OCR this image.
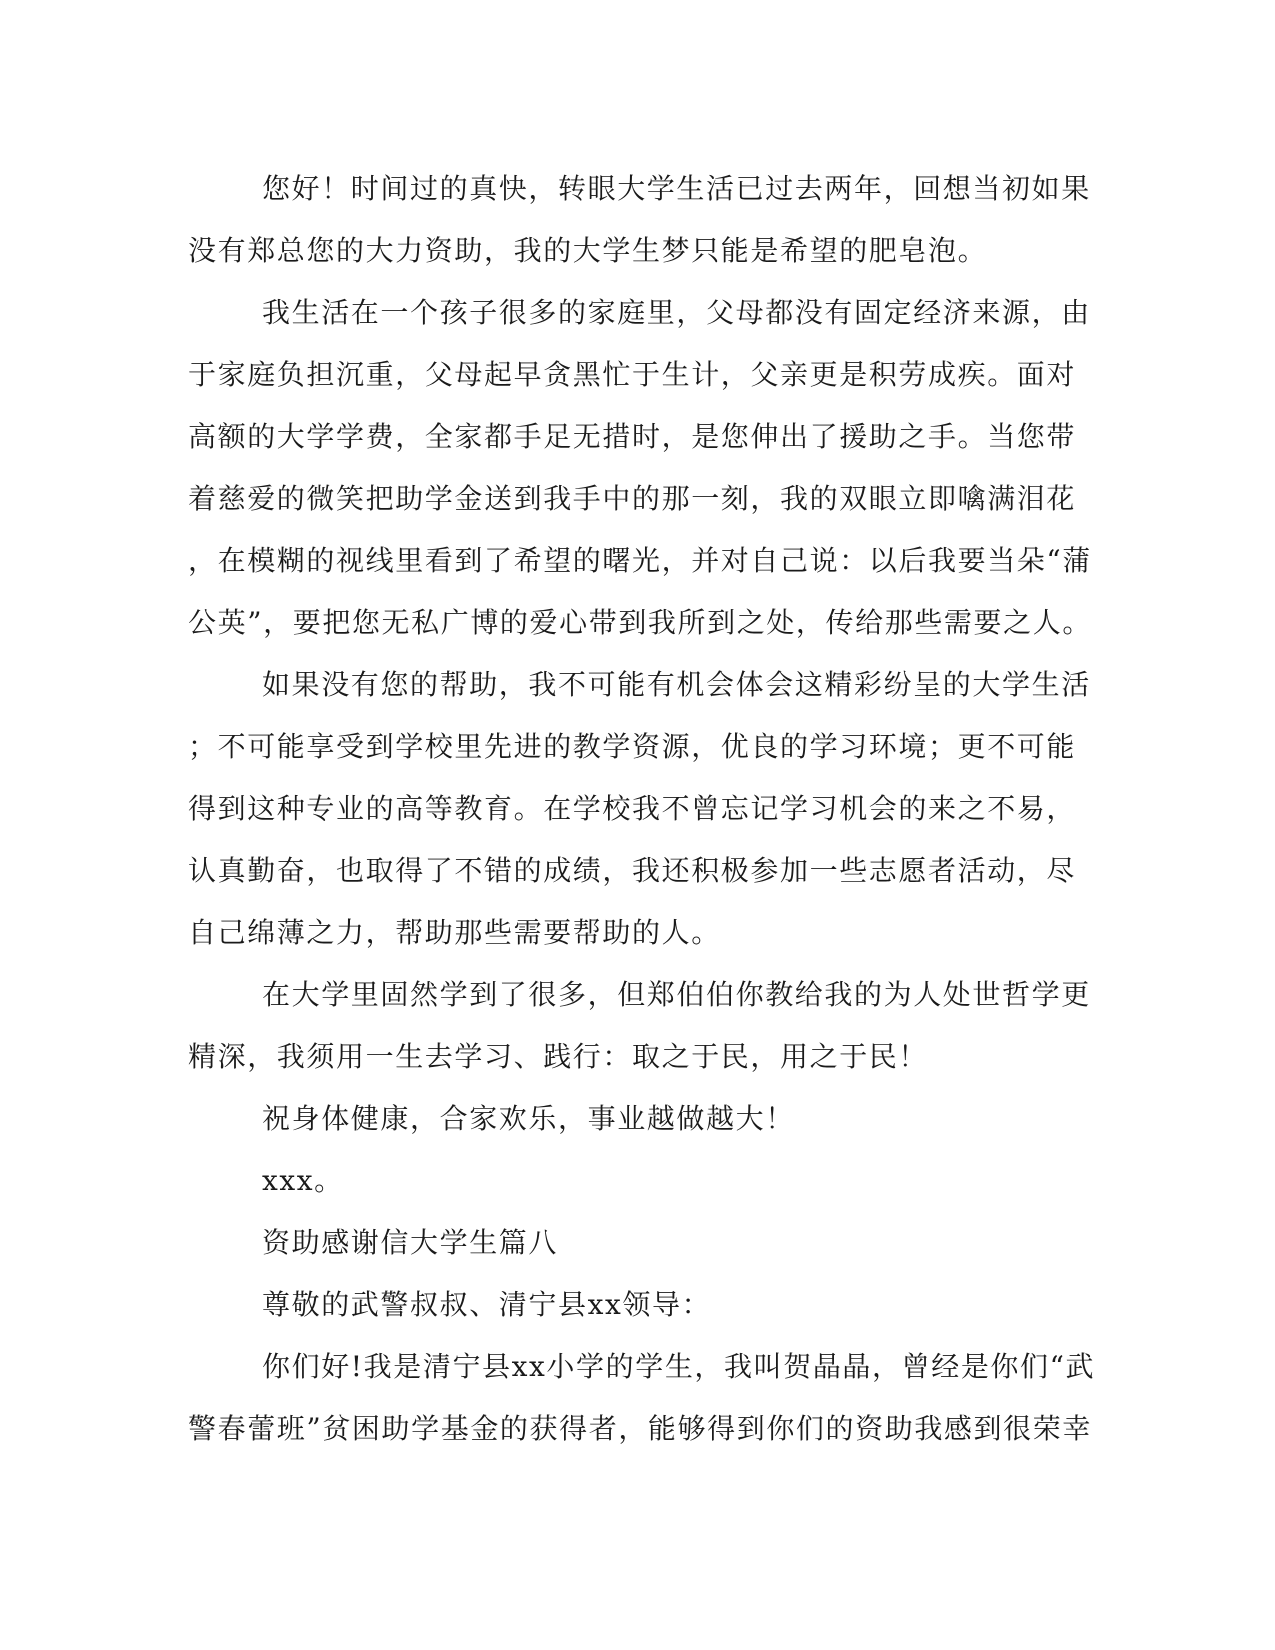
您好！时间过的真快，转眼大学生活已过去两年，回想当初如果
没有郑总您的大力资助，我的大学生梦只能是希望的肥皂泡。
我生活在一个孩子很多的家庭里，父母都没有固定经济来源，由
于家庭负担沉重，父母起早贪黑忙于生计，父亲更是积劳成疾。面对
高额的大学学费，全家都手足无措时，是您伸出了援助之手。当您带
着慈爱的微笑把助学金送到我手中的那一刻，我的双眼立即噙满泪花
，在模糊的视线里看到了希望的曙光，并对自己说：以后我要当朵“蒲
公英”，要把您无私广博的爱心带到我所到之处，传给那些需要之人。
如果没有您的帮助，我不可能有机会体会这精彩纷呈的大学生活
；不可能享受到学校里先进的教学资源，优良的学习环境；更不可能
得到这种专业的高等教育。在学校我不曾忘记学习机会的来之不易，
认真勤奋，也取得了不错的成绩，我还积极参加一些志愿者活动，尽
自己绵薄之力，帮助那些需要帮助的人。
在大学里固然学到了很多，但郑伯伯你教给我的为人处世哲学更
精深，我须用一生去学习、践行：取之于民，用之于民！
祝身体健康，合家欢乐，事业越做越大！
xxx。
资助感谢信大学生篇八
尊敬的武警叔叔、清宁县xx领导：
你们好!我是清宁县xx小学的学生，我叫贺晶晶，曾经是你们“武
警春蕾班”贫困助学基金的获得者，能够得到你们的资助我感到很荣幸
